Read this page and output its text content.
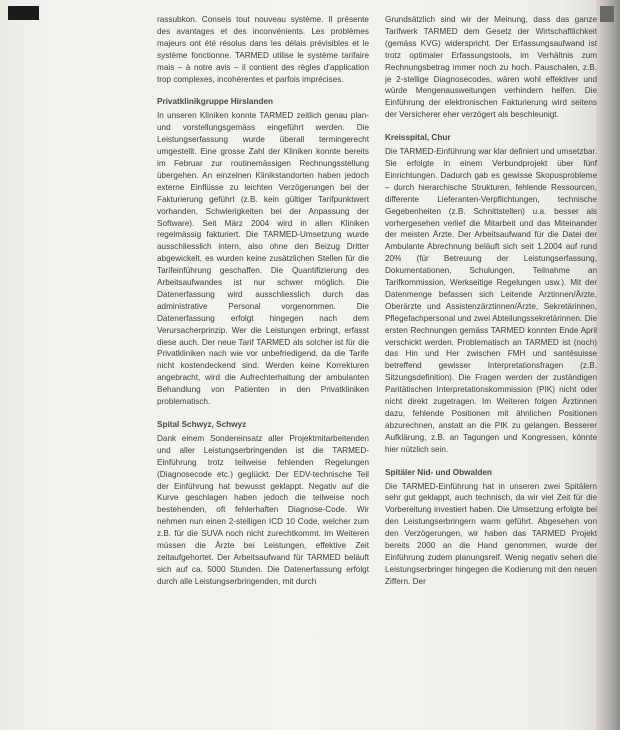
rassubkon. Conseis tout nouveau système. Il présente des avantages et des inconvénients. Les problèmes majeurs ont été résolus dans les délais prévisibles et le système fonctionne. TARMED utilise le système tarifaire mais – à notre avis – il contient des règles d'application trop complexes, incohérentes et parfois imprécises.

Privatklinikgruppe Hirslanden

In unseren Kliniken konnte TARMED zeitlich genau plan- und vorstellungsgemäss eingeführt werden. Die Leistungserfassung wurde überall termingerecht umgestellt. Eine grosse Zahl der Kliniken konnte bereits im Februar zur routinemässigen Rechnungsstellung übergehen. An einzelnen Klinikstandorten haben jedoch externe Einflüsse zu leichten Verzögerungen bei der Fakturierung geführt (z.B. kein gültiger Tarifpunktwert vorhanden, Schwierigkeiten bei der Anpassung der Software). Seit März 2004 wird in allen Kliniken regelmässig fakturiert. Die TARMED-Umsetzung wurde ausschliesslich intern, also ohne den Beizug Dritter abgewickelt, es wurden keine zusätzlichen Stellen für die Tarifeinführung geschaffen. Die Quantifizierung des Arbeitsaufwandes ist nur schwer möglich. Die Datenerfassung wird ausschliesslich durch das administrative Personal vorgenommen. Die Datenerfassung erfolgt hingegen nach dem Verursacherprinzip. Wer die Leistungen erbringt, erfasst diese auch. Der neue Tarif TARMED als solcher ist für die Privatkliniken nach wie vor unbefriedigend, da die Tarife nicht kostendeckend sind. Werden keine Korrekturen angebracht, wird die Aufrechterhaltung der ambulanten Behandlung von Patienten in den Privatkliniken problematisch.

Spital Schwyz, Schwyz

Dank einem Sondereinsatz aller Projektmitarbeitenden und aller Leistungserbringenden ist die TARMED-Einführung trotz teilweise fehlenden Regelungen (Diagnosecode etc.) geglückt. Der EDV-technische Teil der Einführung hat bewusst geklappt. Negativ auf die Kurve geschlagen haben jedoch die teilweise noch bestehenden, oft fehlerhaften Diagnose-Code. Wir nehmen nun einen 2-stelligen ICD 10 Code, welcher zum z.B. für die SUVA noch nicht zurechtkommt. Im Weiteren müssen die Ärzte bei Leistungen, effektive Zeit zeitaufgehortet. Der Arbeitsaufwand für TARMED beläuft sich auf ca. 5000 Stunden. Die Datenerfassung erfolgt durch alle Leistungserbringenden, mit durch

Grundsätzlich sind wir der Meinung, dass das ganze Tarifwerk TARMED dem Gesetz der Wirtschaftlichkeit (gemäss KVG) widerspricht. Der Erfassungsaufwand ist trotz optimaler Erfassungstools, im Verhältnis zum Rechnungsbetrag immer noch zu hoch. Pauschalen, z.B. je 2-stellige Diagnosecodes, wären wohl effektiver und würde Mengenausweitungen verhindern helfen. Die Einführung der elektronischen Fakturierung wird seitens der Versicherer eher verzögert als beschleunigt.

Kreisspital, Chur

Die TARMED-Einführung war klar definiert und umsetzbar. Sie erfolgte in einem Verbundprojekt über fünf Einrichtungen. Dadurch gab es gewisse Skopusprobleme – durch hierarchische Strukturen, fehlende Ressourcen, differente Lieferanten-Verpflichtungen, technische Gegebenheiten (z.B. Schnittstellen) u.a. besser als vorhergesehen verlief die Mitarbeit und das Miteinander der meisten Ärzte. Der Arbeitsaufwand für die Datei der Ambulante Abrechnung beläuft sich seit 1.2004 auf rund 20% (für Betreuung der Leistungserfassung, Dokumentationen, Schulungen, Teilnahme an Tarifkommission, Werkseitige Regelungen usw.). Mit der Datenmenge befassen sich Leitende Arztinnen/Ärzte, Oberärzte und Assistenzärztinnen/Ärzte, Sekretärinnen, Pflegefachpersonal und zwei Abteilungssekretärinnen. Die ersten Rechnungen gemäss TARMED konnten Ende April verschickt werden. Problematisch an TARMED ist (noch) das Hin und Her zwischen FMH und santésuisse betreffend gewisser Interpretationsfragen (z.B. Sitzungsdefinition). Die Fragen werden der zuständigen Paritätischen Interpretationskommission (PIK) nicht oder nicht direkt zugetragen. Im Weiteren folgen Ärztinnen dazu, fehlende Positionen mit ähnlichen Positionen abzurechnen, anstatt an die PIK zu gelangen. Besserer Aufklärung, z.B. an Tagungen und Kongressen, könnte hier nützlich sein.

Spitäler Nid- und Obwalden

Die TARMED-Einführung hat in unseren zwei Spitälern sehr gut geklappt, auch technisch, da wir viel Zeit für die Vorbereitung investiert haben. Die Umsetzung erfolgte bei den Leistungserbringern warm geführt. Abgesehen von den Verzögerungen, wir haben das TARMED Projekt bereits 2000 an die Hand genommen, wurde der Einführung zudem planungsreif. Wenig negativ sehen die Leistungserbringer hingegen die Kodierung mit den neuen Ziffern. Der
